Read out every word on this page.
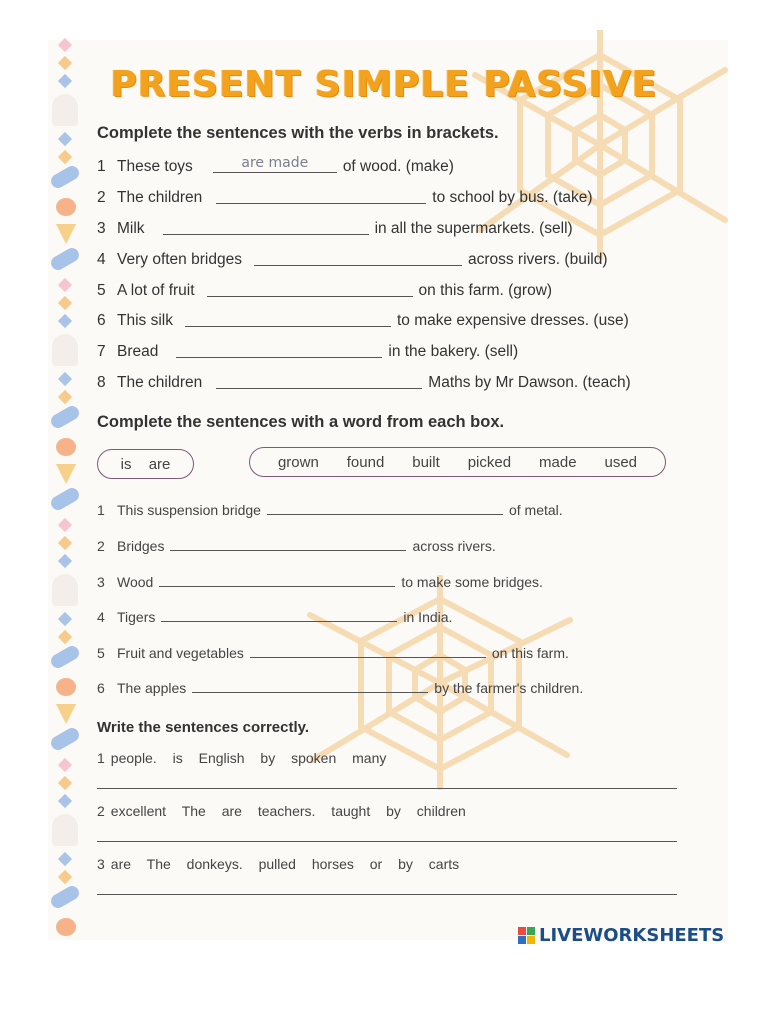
PRESENT SIMPLE PASSIVE
Complete the sentences with the verbs in brackets.
1 These toys	are made	of wood. (make)
2 The children	to school by bus. (take)
3 Milk	in all the supermarkets. (sell)
4 Very often bridges	across rivers. (build)
5 A lot of fruit	on this farm. (grow)
6 This silk	to make expensive dresses. (use)
7 Bread	in the bakery. (sell)
8 The children	Maths by Mr Dawson. (teach)
Complete the sentences with a word from each box.
is are	grown found built picked made used
1 This suspension bridge	of metal.
2 Bridges	across rivers.
3 Wood	to make some bridges.
4 Tigers	in India.
5 Fruit and vegetables	on this farm.
6 The apples	by the farmer's children.
Write the sentences correctly.
1 people. is English by spoken many
2 excellent The are teachers. taught by children
3 are The donkeys. pulled horses or by carts
LIVEWORKSHEETS
